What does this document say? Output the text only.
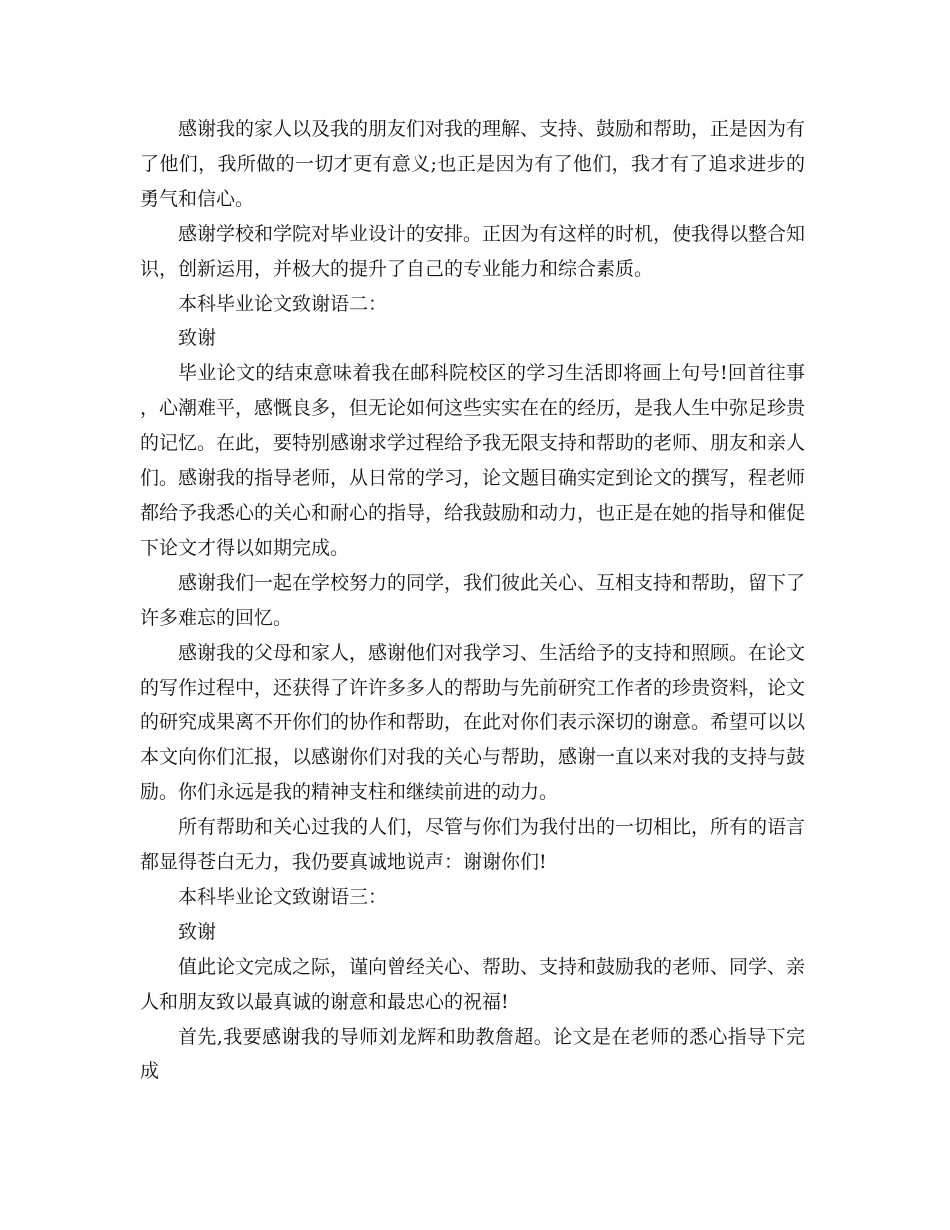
感谢我的家人以及我的朋友们对我的理解、支持、鼓励和帮助，正是因为有了他们，我所做的一切才更有意义;也正是因为有了他们，我才有了追求进步的勇气和信心。

感谢学校和学院对毕业设计的安排。正因为有这样的时机，使我得以整合知识，创新运用，并极大的提升了自己的专业能力和综合素质。

本科毕业论文致谢语二：

致谢

毕业论文的结束意味着我在邮科院校区的学习生活即将画上句号!回首往事，心潮难平，感慨良多，但无论如何这些实实在在的经历，是我人生中弥足珍贵的记忆。在此，要特别感谢求学过程给予我无限支持和帮助的老师、朋友和亲人们。感谢我的指导老师，从日常的学习，论文题目确实定到论文的撰写，程老师都给予我悉心的关心和耐心的指导，给我鼓励和动力，也正是在她的指导和催促下论文才得以如期完成。

感谢我们一起在学校努力的同学，我们彼此关心、互相支持和帮助，留下了许多难忘的回忆。

感谢我的父母和家人，感谢他们对我学习、生活给予的支持和照顾。在论文的写作过程中，还获得了许许多多人的帮助与先前研究工作者的珍贵资料，论文的研究成果离不开你们的协作和帮助，在此对你们表示深切的谢意。希望可以以本文向你们汇报，以感谢你们对我的关心与帮助，感谢一直以来对我的支持与鼓励。你们永远是我的精神支柱和继续前进的动力。

所有帮助和关心过我的人们，尽管与你们为我付出的一切相比，所有的语言都显得苍白无力，我仍要真诚地说声：谢谢你们!

本科毕业论文致谢语三：

致谢

值此论文完成之际，谨向曾经关心、帮助、支持和鼓励我的老师、同学、亲人和朋友致以最真诚的谢意和最忠心的祝福!

首先,我要感谢我的导师刘龙辉和助教詹超。论文是在老师的悉心指导下完成
